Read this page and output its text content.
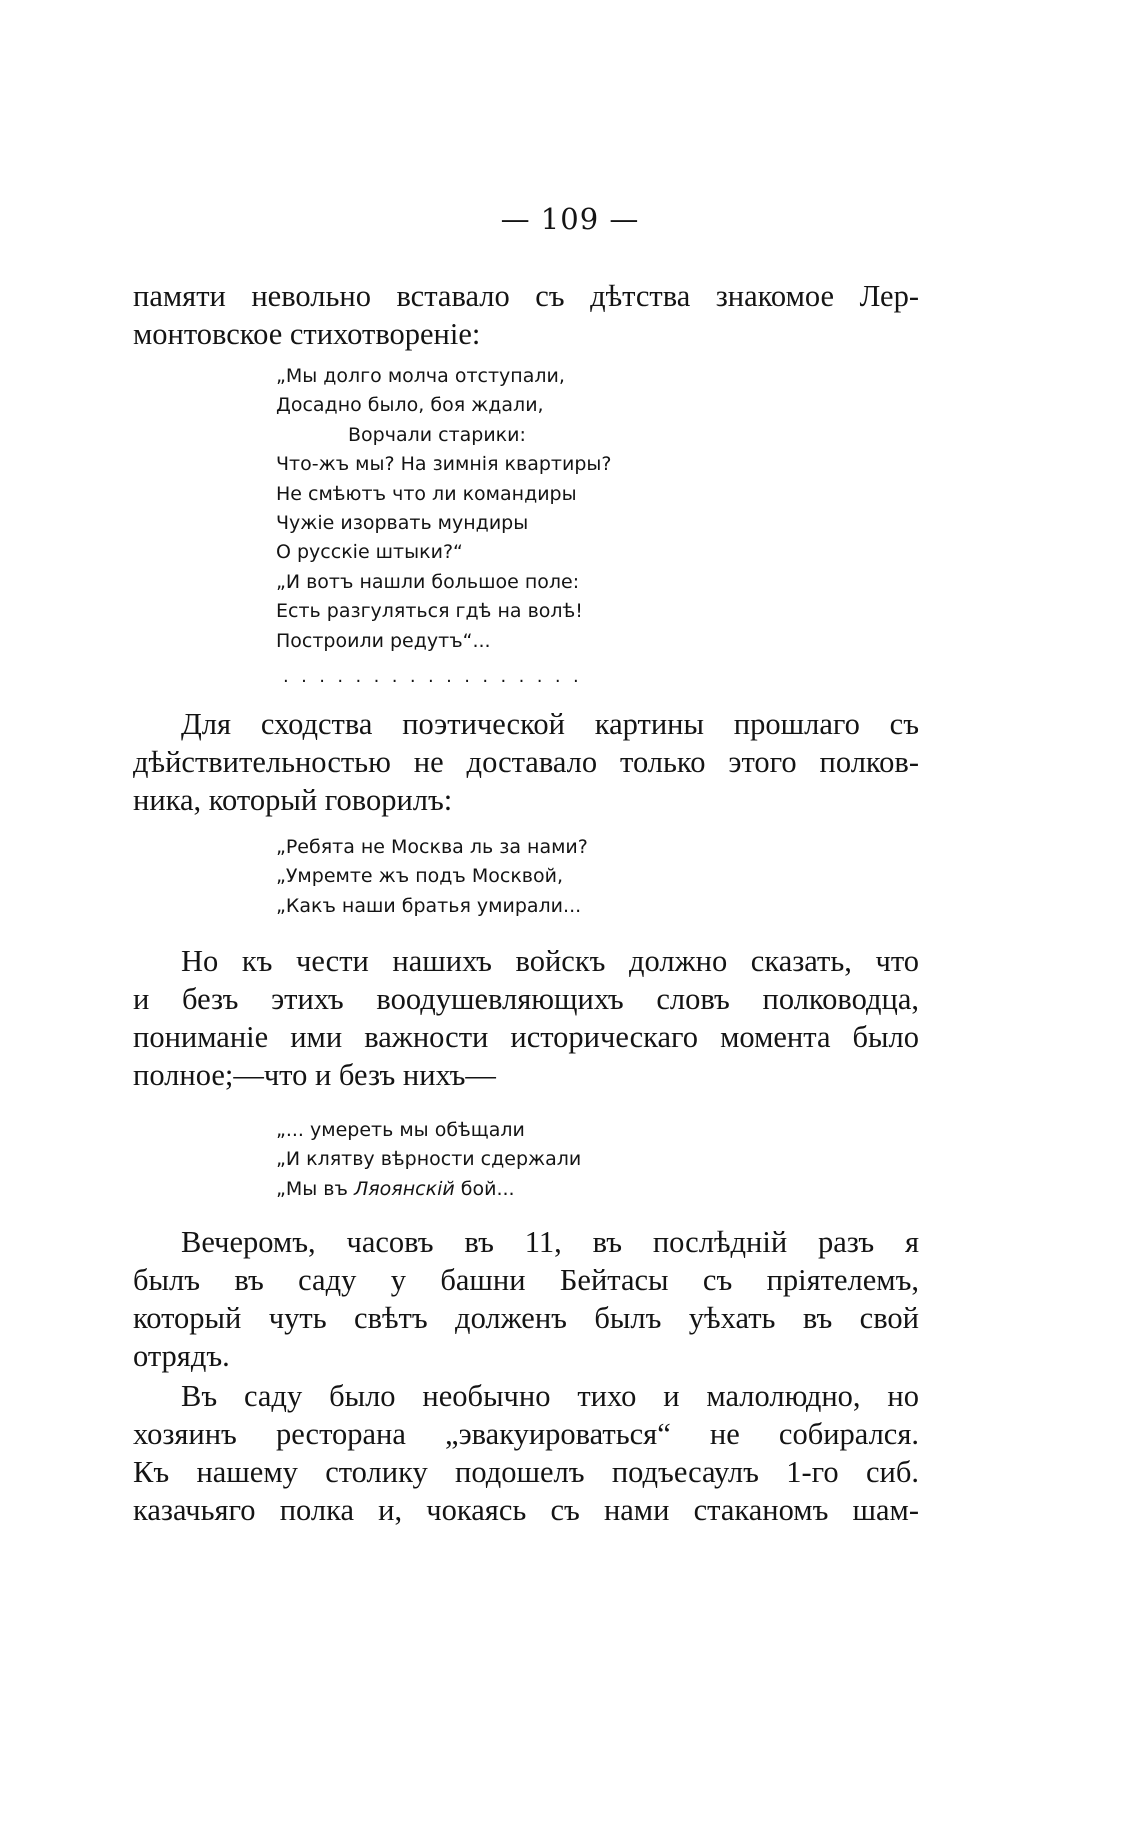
— 109 —

памяти невольно вставало съ дѣтства знакомое Лер-
монтовское стихотвореніе:

„Мы долго молча отступали,
Досадно было, боя ждали,
Ворчали старики:
Что-жъ мы? На зимнія квартиры?
Не смѣютъ что ли командиры
Чужіе изорвать мундиры
О русскіе штыки?“
„И вотъ нашли большое поле:
Есть разгуляться гдѣ на волѣ!
Построили редутъ“...
.................

Для сходства поэтической картины прошлаго съ
дѣйствительностью не доставало только этого полков-
ника, который говорилъ:

„Ребята не Москва ль за нами?
„Умремте жъ подъ Москвой,
„Какъ наши братья умирали...

Но къ чести нашихъ войскъ должно сказать, что
и безъ этихъ воодушевляющихъ словъ полководца,
пониманіе ими важности историческаго момента было
полное;—что и безъ нихъ—

„... умереть мы обѣщали
„И клятву вѣрности сдержали
„Мы въ Ляоянскій бой...

Вечеромъ, часовъ въ 11, въ послѣдній разъ я
былъ въ саду у башни Бейтасы съ пріятелемъ,
который чуть свѣтъ долженъ былъ уѣхать въ свой
отрядъ.

Въ саду было необычно тихо и малолюдно, но
хозяинъ ресторана „эвакуироваться“ не собирался.
Къ нашему столику подошелъ подъесаулъ 1-го сиб.
казачьяго полка и, чокаясь съ нами стаканомъ шам-
